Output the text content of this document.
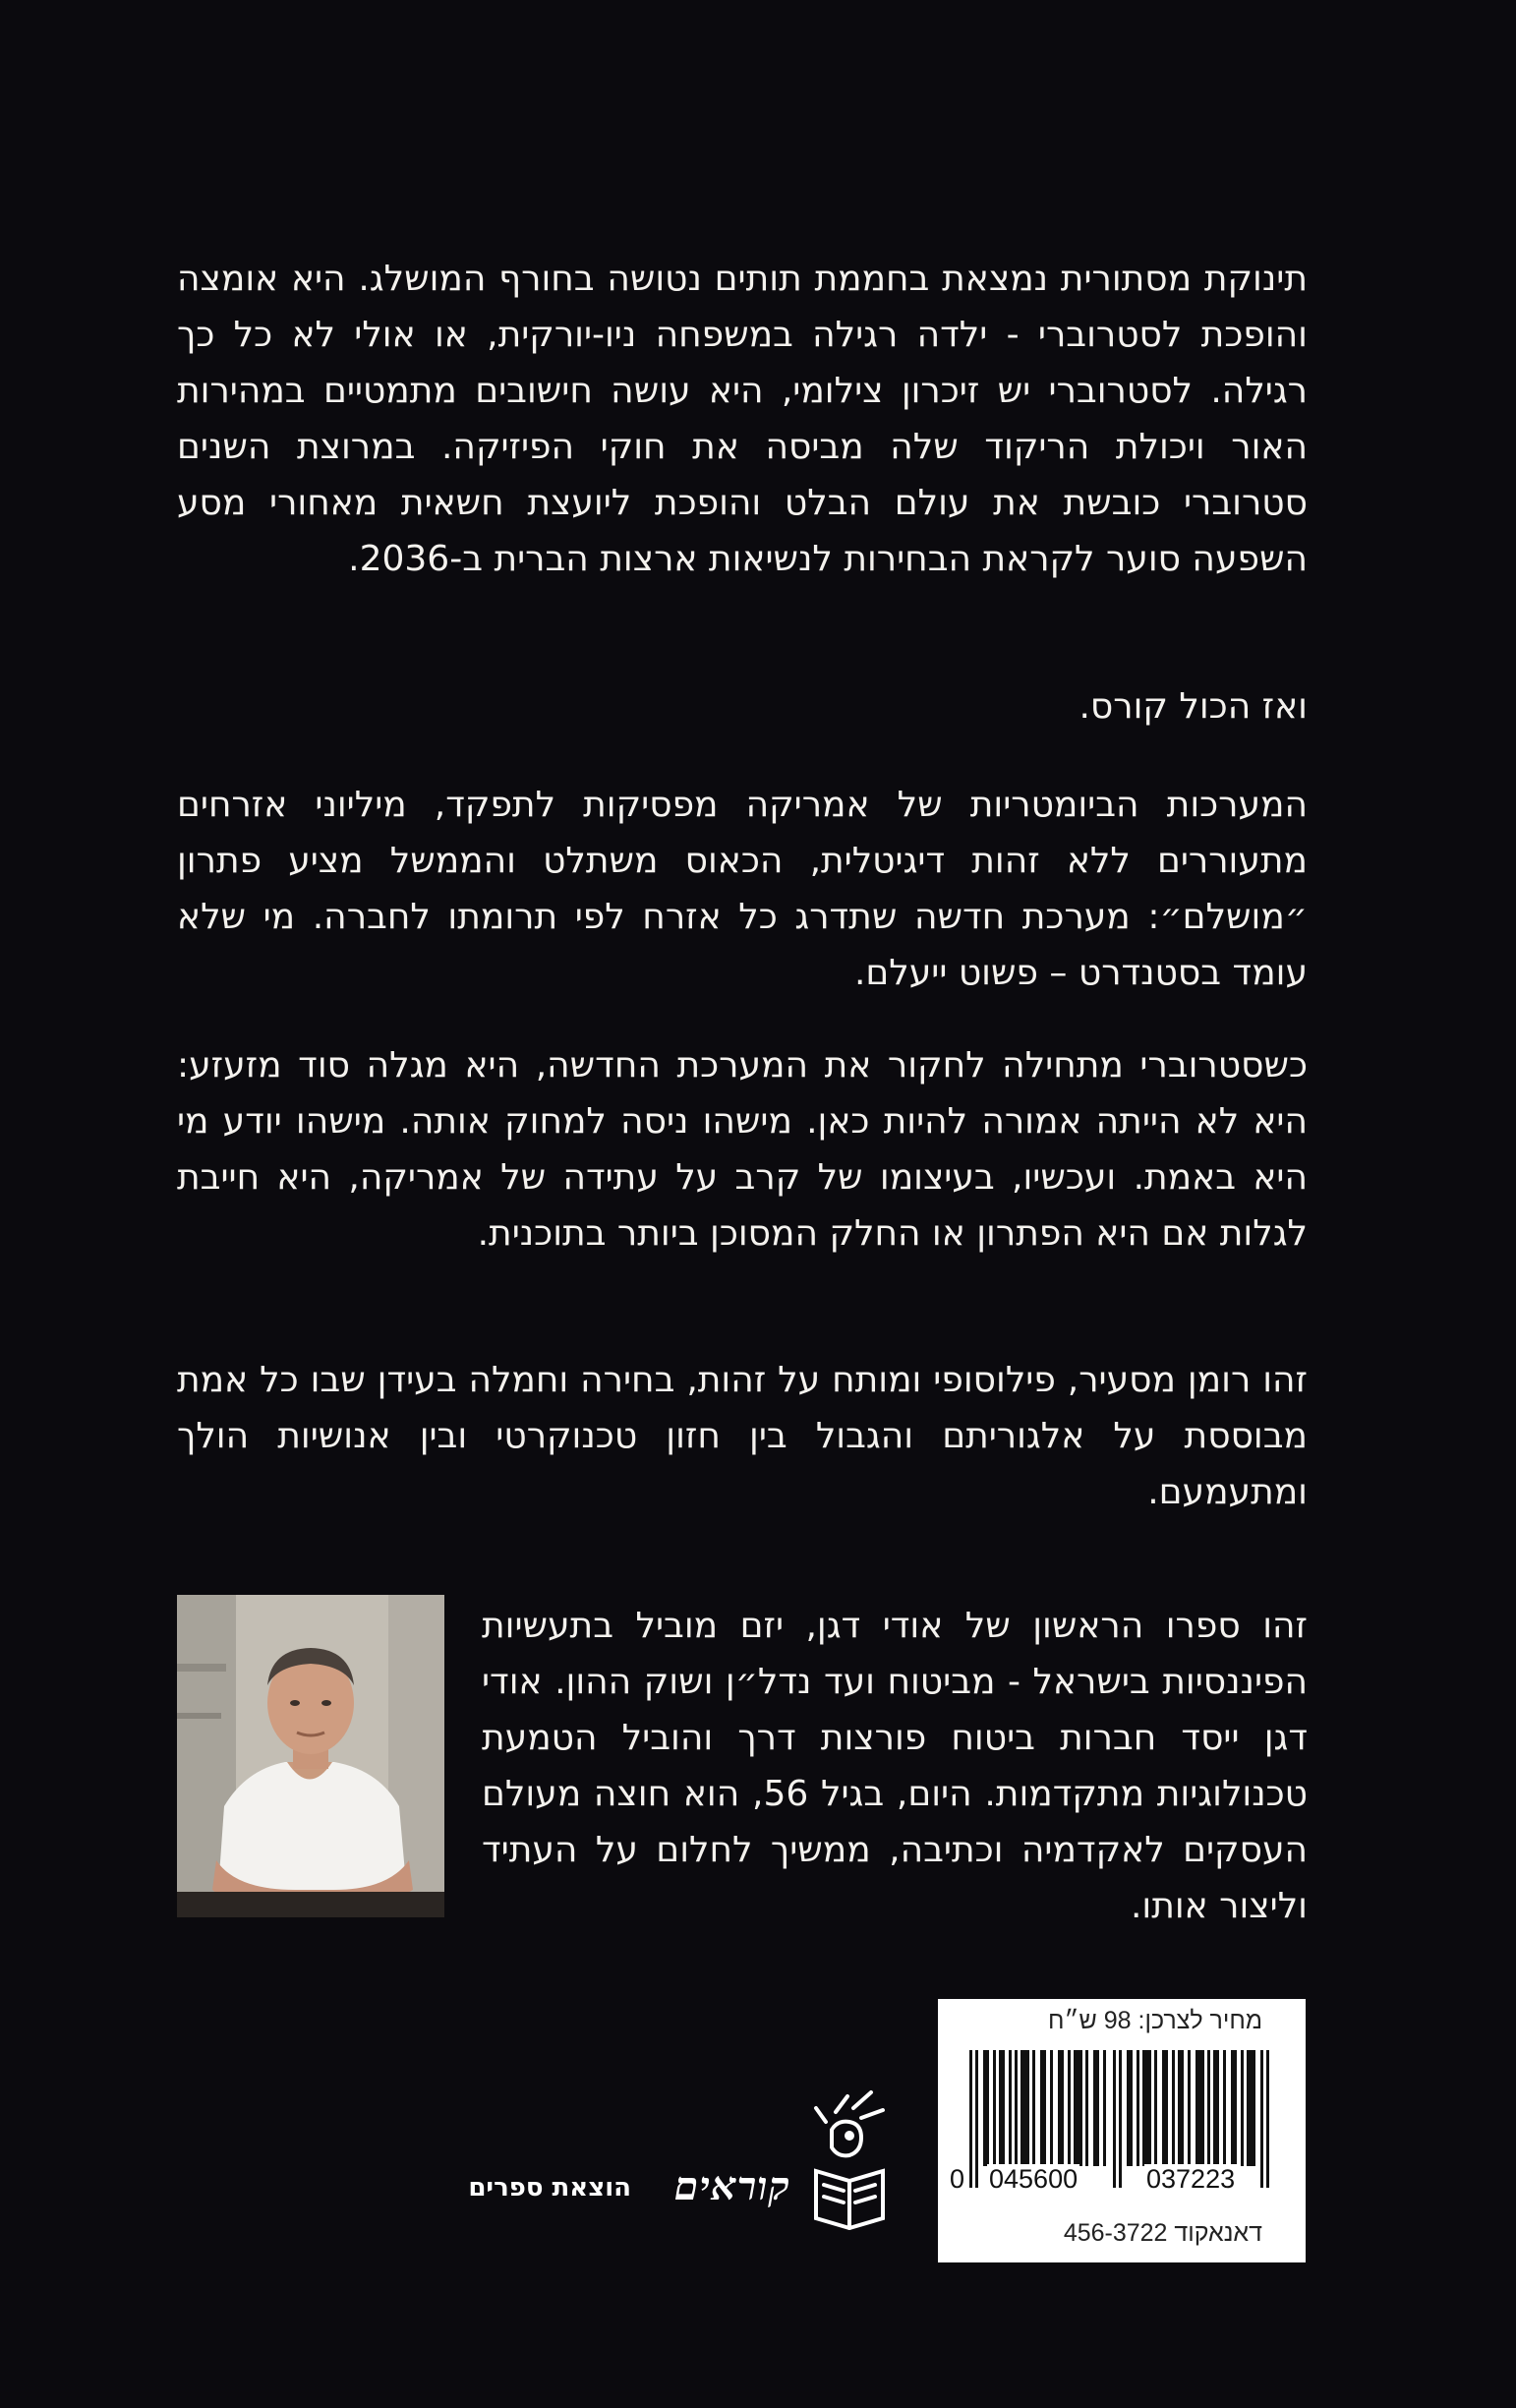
תינוקת מסתורית נמצאת בחממת תותים נטושה בחורף המושלג. היא אומצה והופכת לסטרוברי - ילדה רגילה במשפחה ניו-יורקית, או אולי לא כל כך רגילה. לסטרוברי יש זיכרון צילומי, היא עושה חישובים מתמטיים במהירות האור ויכולת הריקוד שלה מביסה את חוקי הפיזיקה. במרוצת השנים סטרוברי כובשת את עולם הבלט והופכת ליועצת חשאית מאחורי מסע השפעה סוער לקראת הבחירות לנשיאות ארצות הברית ב-2036.

ואז הכול קורס.

המערכות הביומטריות של אמריקה מפסיקות לתפקד, מיליוני אזרחים מתעוררים ללא זהות דיגיטלית, הכאוס משתלט והממשל מציע פתרון ״מושלם״: מערכת חדשה שתדרג כל אזרח לפי תרומתו לחברה. מי שלא עומד בסטנדרט – פשוט ייעלם.

כשסטרוברי מתחילה לחקור את המערכת החדשה, היא מגלה סוד מזעזע: היא לא הייתה אמורה להיות כאן. מישהו ניסה למחוק אותה. מישהו יודע מי היא באמת. ועכשיו, בעיצומו של קרב על עתידה של אמריקה, היא חייבת לגלות אם היא הפתרון או החלק המסוכן ביותר בתוכנית.

זהו רומן מסעיר, פילוסופי ומותח על זהות, בחירה וחמלה בעידן שבו כל אמת מבוססת על אלגוריתם והגבול בין חזון טכנוקרטי ובין אנושיות הולך ומתעמעם.

זהו ספרו הראשון של אודי דגן, יזם מוביל בתעשיות הפיננסיות בישראל - מביטוח ועד נדל״ן ושוק ההון. אודי דגן ייסד חברות ביטוח פורצות דרך והוביל הטמעת טכנולוגיות מתקדמות. היום, בגיל 56, הוא חוצה מעולם העסקים לאקדמיה וכתיבה, ממשיך לחלום על העתיד וליצור אותו.

קוראים
הוצאת ספרים
מחיר לצרכן: 98 ש״ח
0 045600	037223
דאנאקוד 456-3722
